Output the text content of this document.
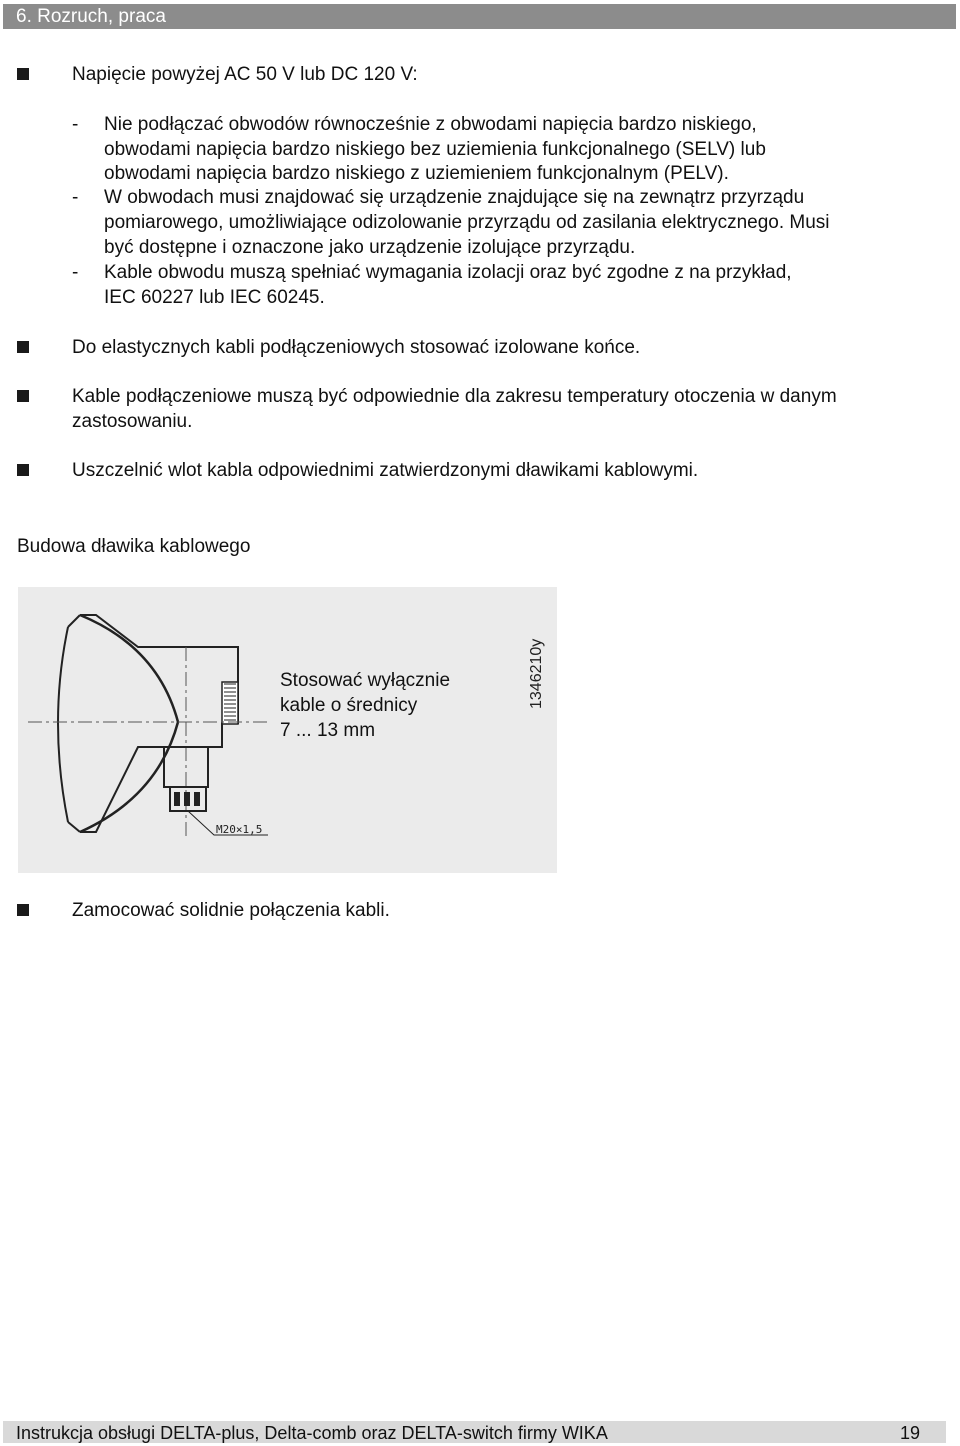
6. Rozruch, praca
Napięcie powyżej AC 50 V lub DC 120 V:
- Nie podłączać obwodów równocześnie z obwodami napięcia bardzo niskiego,
obwodami napięcia bardzo niskiego bez uziemienia funkcjonalnego (SELV) lub
obwodami napięcia bardzo niskiego z uziemieniem funkcjonalnym (PELV).
- W obwodach musi znajdować się urządzenie znajdujące się na zewnątrz przyrządu
pomiarowego, umożliwiające odizolowanie przyrządu od zasilania elektrycznego. Musi
być dostępne i oznaczone jako urządzenie izolujące przyrządu.
- Kable obwodu muszą spełniać wymagania izolacji oraz być zgodne z na przykład,
IEC 60227 lub IEC 60245.
Do elastycznych kabli podłączeniowych stosować izolowane końce.
Kable podłączeniowe muszą być odpowiednie dla zakresu temperatury otoczenia w danym
zastosowaniu.
Uszczelnić wlot kabla odpowiednimi zatwierdzonymi dławikami kablowymi.
Budowa dławika kablowego
Stosować wyłącznie
kable o średnicy
7 ... 13 mm
M20×1,5
1346210y
Zamocować solidnie połączenia kabli.
Instrukcja obsługi DELTA-plus, Delta-comb oraz DELTA-switch firmy WIKA	19
